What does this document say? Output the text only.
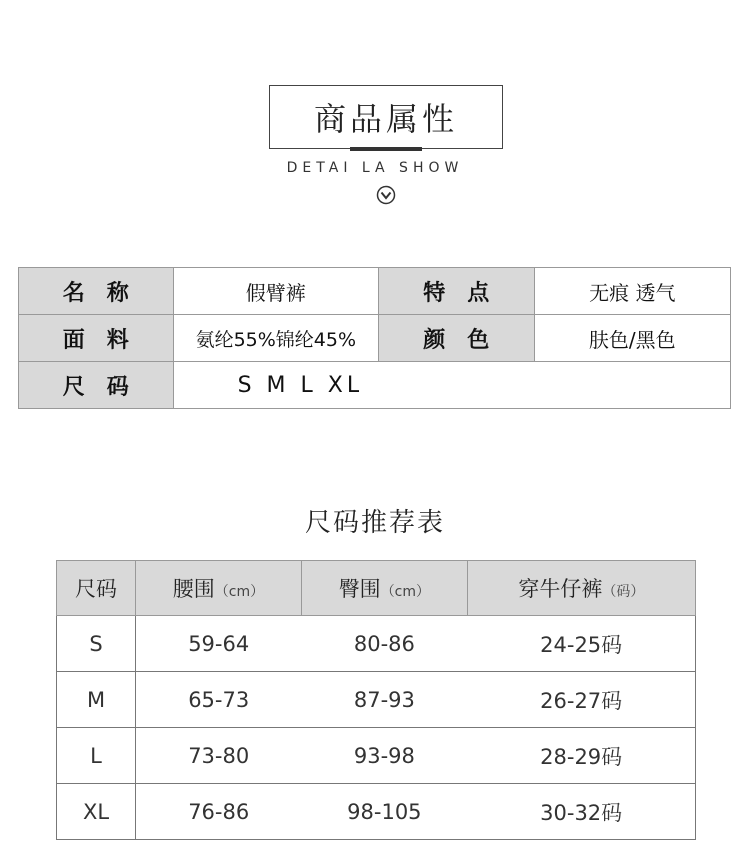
商品属性
DETAI LA SHOW
名　称	假臂裤	特　点	无痕 透气
面　料	氨纶55%锦纶45%	颜　色	肤色/黑色
尺　码	S M L XL		
尺码推荐表
尺码	腰围（cm）	臀围（cm）	穿牛仔裤（码）
S	59-64	80-86	24-25码
M	65-73	87-93	26-27码
L	73-80	93-98	28-29码
XL	76-86	98-105	30-32码
